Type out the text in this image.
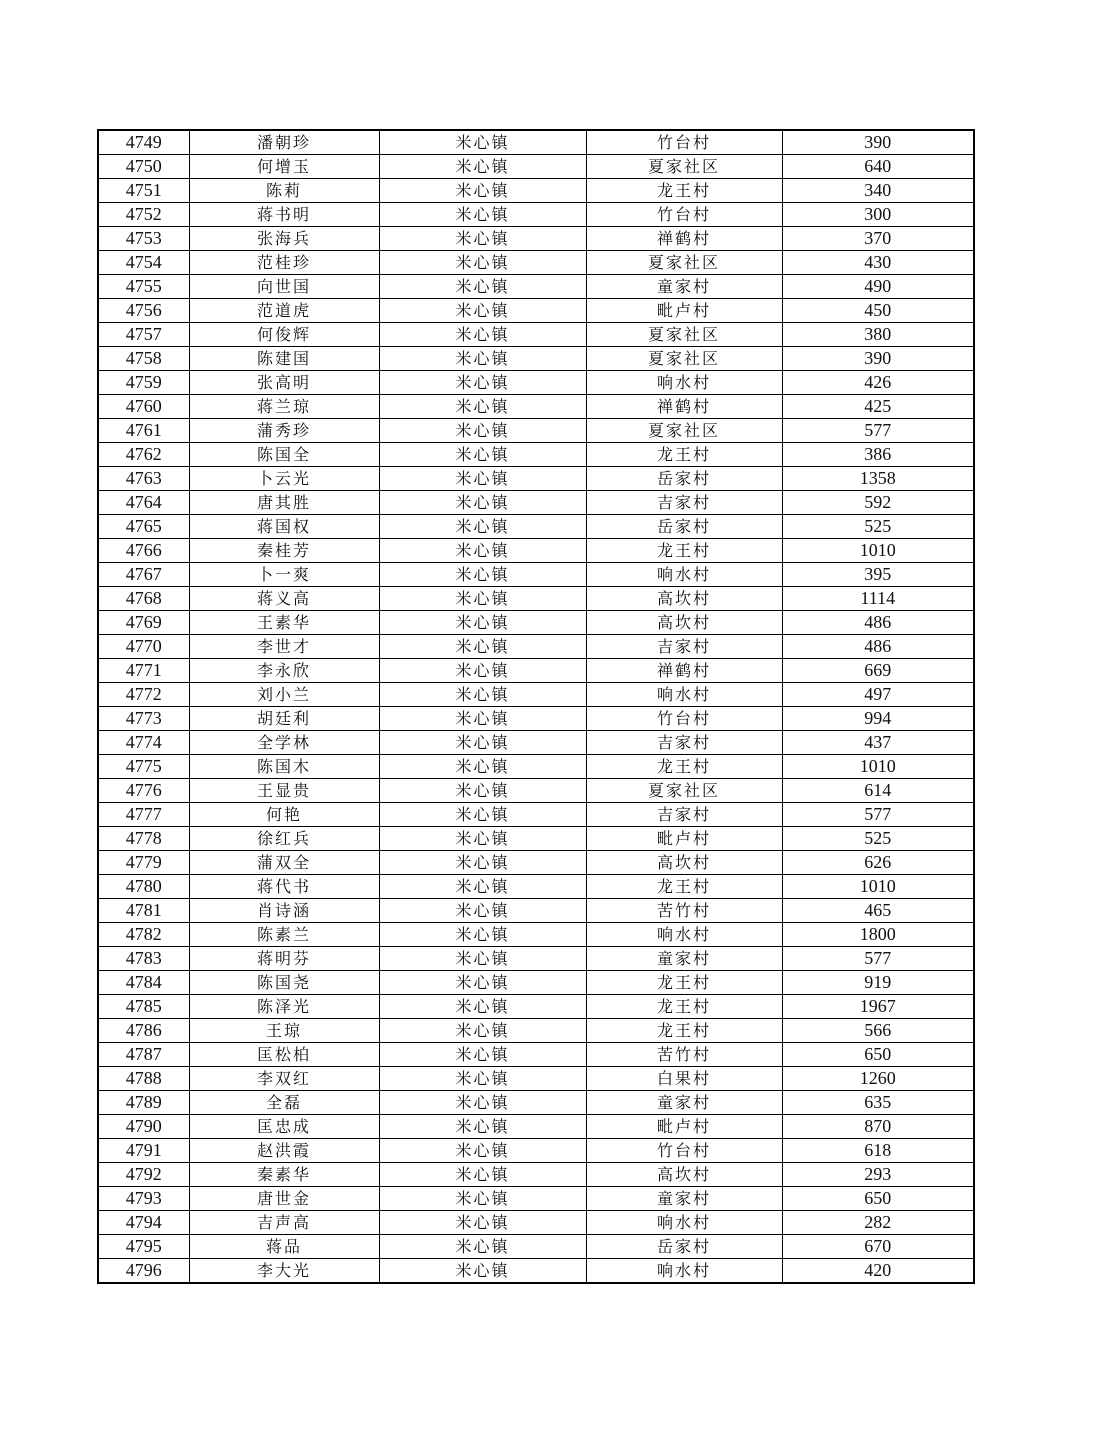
4749	潘朝珍	米心镇	竹台村	390
4750	何增玉	米心镇	夏家社区	640
4751	陈莉	米心镇	龙王村	340
4752	蒋书明	米心镇	竹台村	300
4753	张海兵	米心镇	禅鹤村	370
4754	范桂珍	米心镇	夏家社区	430
4755	向世国	米心镇	童家村	490
4756	范道虎	米心镇	毗卢村	450
4757	何俊辉	米心镇	夏家社区	380
4758	陈建国	米心镇	夏家社区	390
4759	张高明	米心镇	响水村	426
4760	蒋兰琼	米心镇	禅鹤村	425
4761	蒲秀珍	米心镇	夏家社区	577
4762	陈国全	米心镇	龙王村	386
4763	卜云光	米心镇	岳家村	1358
4764	唐其胜	米心镇	吉家村	592
4765	蒋国权	米心镇	岳家村	525
4766	秦桂芳	米心镇	龙王村	1010
4767	卜一爽	米心镇	响水村	395
4768	蒋义高	米心镇	高坎村	1114
4769	王素华	米心镇	高坎村	486
4770	李世才	米心镇	吉家村	486
4771	李永欣	米心镇	禅鹤村	669
4772	刘小兰	米心镇	响水村	497
4773	胡廷利	米心镇	竹台村	994
4774	全学林	米心镇	吉家村	437
4775	陈国木	米心镇	龙王村	1010
4776	王显贵	米心镇	夏家社区	614
4777	何艳	米心镇	吉家村	577
4778	徐红兵	米心镇	毗卢村	525
4779	蒲双全	米心镇	高坎村	626
4780	蒋代书	米心镇	龙王村	1010
4781	肖诗涵	米心镇	苦竹村	465
4782	陈素兰	米心镇	响水村	1800
4783	蒋明芬	米心镇	童家村	577
4784	陈国尧	米心镇	龙王村	919
4785	陈泽光	米心镇	龙王村	1967
4786	王琼	米心镇	龙王村	566
4787	匡松柏	米心镇	苦竹村	650
4788	李双红	米心镇	白果村	1260
4789	全磊	米心镇	童家村	635
4790	匡忠成	米心镇	毗卢村	870
4791	赵洪霞	米心镇	竹台村	618
4792	秦素华	米心镇	高坎村	293
4793	唐世金	米心镇	童家村	650
4794	吉声高	米心镇	响水村	282
4795	蒋品	米心镇	岳家村	670
4796	李大光	米心镇	响水村	420
